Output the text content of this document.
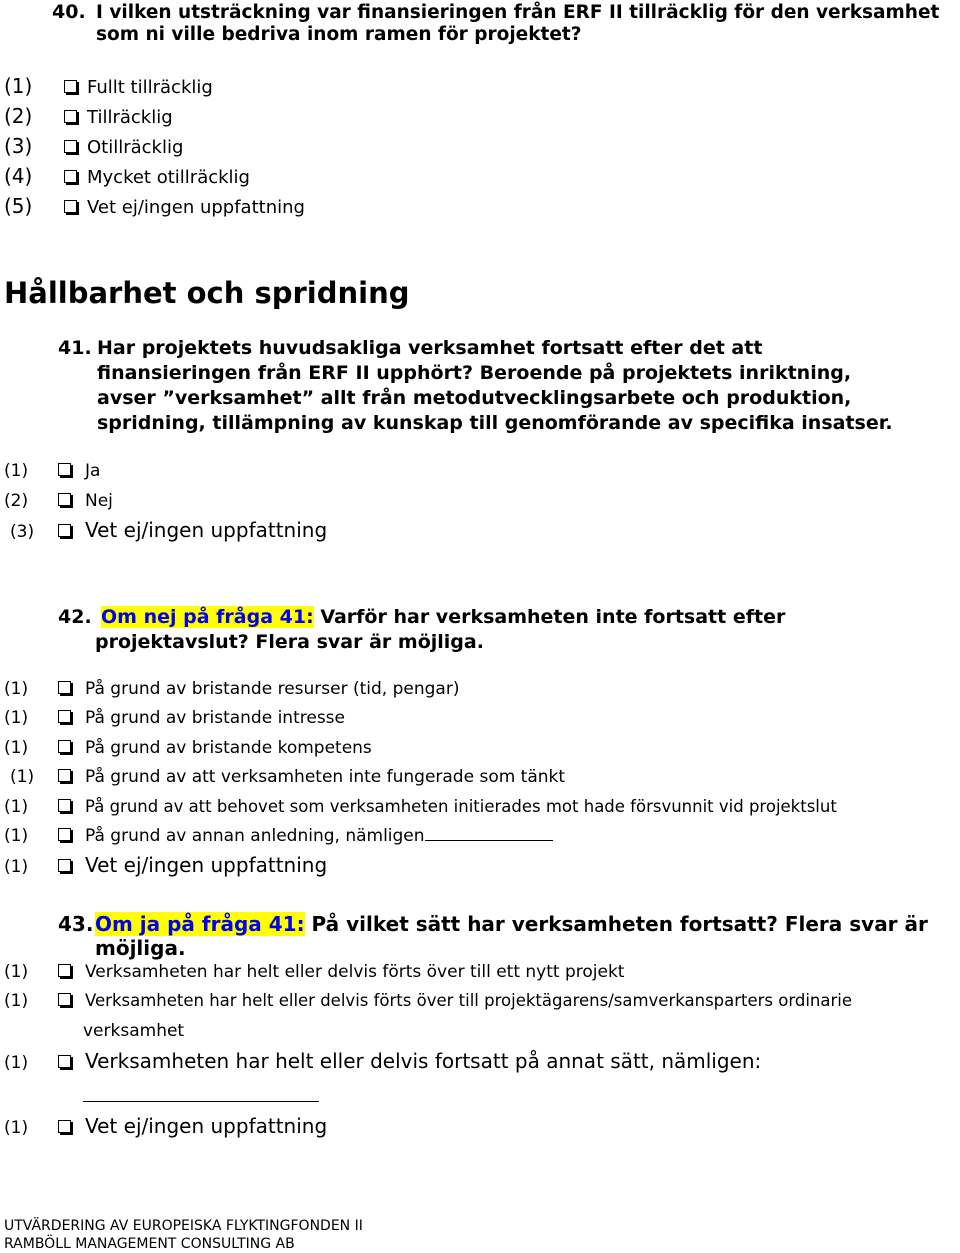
40. I vilken utsträckning var finansieringen från ERF II tillräcklig för den verksamhet
som ni ville bedriva inom ramen för projektet?
(1)	Fullt tillräcklig
(2)	Tillräcklig
(3)	Otillräcklig
(4)	Mycket otillräcklig
(5)	Vet ej/ingen uppfattning
Hållbarhet och spridning
41. Har projektets huvudsakliga verksamhet fortsatt efter det att
finansieringen från ERF II upphört? Beroende på projektets inriktning,
avser ”verksamhet” allt från metodutvecklingsarbete och produktion,
spridning, tillämpning av kunskap till genomförande av specifika insatser.
(1)	Ja
(2)	Nej
(3)	Vet ej/ingen uppfattning
42. Om nej på fråga 41: Varför har verksamheten inte fortsatt efter
projektavslut? Flera svar är möjliga.
(1)	På grund av bristande resurser (tid, pengar)
(1)	På grund av bristande intresse
(1)	På grund av bristande kompetens
(1)	På grund av att verksamheten inte fungerade som tänkt
(1)	På grund av att behovet som verksamheten initierades mot hade försvunnit vid projektslut
(1)	På grund av annan anledning, nämligen
(1)	Vet ej/ingen uppfattning
43. Om ja på fråga 41: På vilket sätt har verksamheten fortsatt? Flera svar är
möjliga.
(1)	Verksamheten har helt eller delvis förts över till ett nytt projekt
(1)	Verksamheten har helt eller delvis förts över till projektägarens/samverkansparters ordinarie
verksamhet
(1)	Verksamheten har helt eller delvis fortsatt på annat sätt, nämligen:
(1)	Vet ej/ingen uppfattning
UTVÄRDERING AV EUROPEISKA FLYKTINGFONDEN II
RAMBÖLL MANAGEMENT CONSULTING AB
